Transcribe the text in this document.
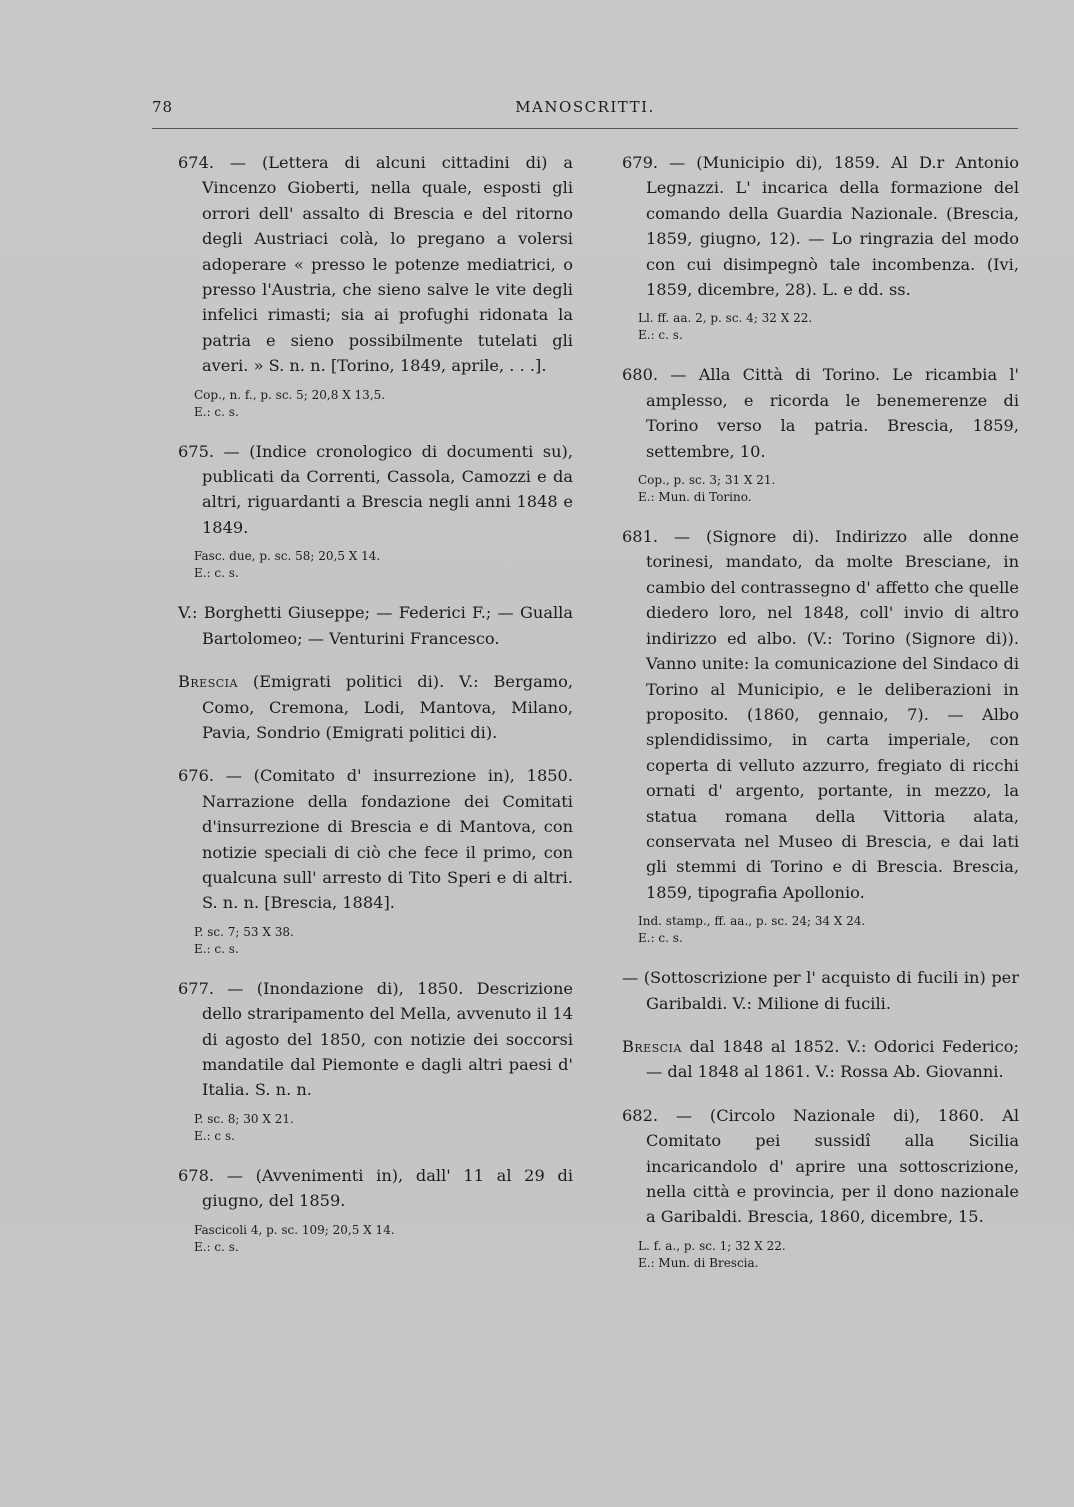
78	MANOSCRITTI.
674. — (Lettera di alcuni cittadini di) a Vincenzo Gioberti, nella quale, esposti gli orrori dell' assalto di Brescia e del ritorno degli Austriaci colà, lo pregano a volersi adoperare « presso le potenze mediatrici, o presso l'Austria, che sieno salve le vite degli infelici rimasti; sia ai profughi ridonata la patria e sieno possibilmente tutelati gli averi. » S. n. n. [Torino, 1849, aprile, . . .].
Cop., n. f., p. sc. 5; 20,8 X 13,5.
E.: c. s.
675. — (Indice cronologico di documenti su), publicati da Correnti, Cassola, Camozzi e da altri, riguardanti a Brescia negli anni 1848 e 1849.
Fasc. due, p. sc. 58; 20,5 X 14.
E.: c. s.

V.: Borghetti Giuseppe; — Federici F.; — Gualla Bartolomeo; — Venturini Francesco.

Brescia (Emigrati politici di). V.: Bergamo, Como, Cremona, Lodi, Mantova, Milano, Pavia, Sondrio (Emigrati politici di).

676. — (Comitato d' insurrezione in), 1850. Narrazione della fondazione dei Comitati d'insurrezione di Brescia e di Mantova, con notizie speciali di ciò che fece il primo, con qualcuna sull' arresto di Tito Speri e di altri. S. n. n. [Brescia, 1884].
P. sc. 7; 53 X 38.
E.: c. s.
677. — (Inondazione di), 1850. Descrizione dello straripamento del Mella, avvenuto il 14 di agosto del 1850, con notizie dei soccorsi mandatile dal Piemonte e dagli altri paesi d' Italia. S. n. n.
P. sc. 8; 30 X 21.
E.: c s.
678. — (Avvenimenti in), dall' 11 al 29 di giugno, del 1859.
Fascicoli 4, p. sc. 109; 20,5 X 14.
E.: c. s.
679. — (Municipio di), 1859. Al D.r Antonio Legnazzi. L' incarica della formazione del comando della Guardia Nazionale. (Brescia, 1859, giugno, 12). — Lo ringrazia del modo con cui disimpegnò tale incombenza. (Ivi, 1859, dicembre, 28). L. e dd. ss.
Ll. ff. aa. 2, p. sc. 4; 32 X 22.
E.: c. s.
680. — Alla Città di Torino. Le ricambia l' amplesso, e ricorda le benemerenze di Torino verso la patria. Brescia, 1859, settembre, 10.
Cop., p. sc. 3; 31 X 21.
E.: Mun. di Torino.
681. — (Signore di). Indirizzo alle donne torinesi, mandato, da molte Bresciane, in cambio del contrassegno d' affetto che quelle diedero loro, nel 1848, coll' invio di altro indirizzo ed albo. (V.: Torino (Signore di)). Vanno unite: la comunicazione del Sindaco di Torino al Municipio, e le deliberazioni in proposito. (1860, gennaio, 7). — Albo splendidissimo, in carta imperiale, con coperta di velluto azzurro, fregiato di ricchi ornati d' argento, portante, in mezzo, la statua romana della Vittoria alata, conservata nel Museo di Brescia, e dai lati gli stemmi di Torino e di Brescia. Brescia, 1859, tipografia Apollonio.
Ind. stamp., ff. aa., p. sc. 24; 34 X 24.
E.: c. s.

— (Sottoscrizione per l' acquisto di fucili in) per Garibaldi. V.: Milione di fucili.

Brescia dal 1848 al 1852. V.: Odorici Federico; — dal 1848 al 1861. V.: Rossa Ab. Giovanni.

682. — (Circolo Nazionale di), 1860. Al Comitato pei sussidî alla Sicilia incaricandolo d' aprire una sottoscrizione, nella città e provincia, per il dono nazionale a Garibaldi. Brescia, 1860, dicembre, 15.
L. f. a., p. sc. 1; 32 X 22.
E.: Mun. di Brescia.
